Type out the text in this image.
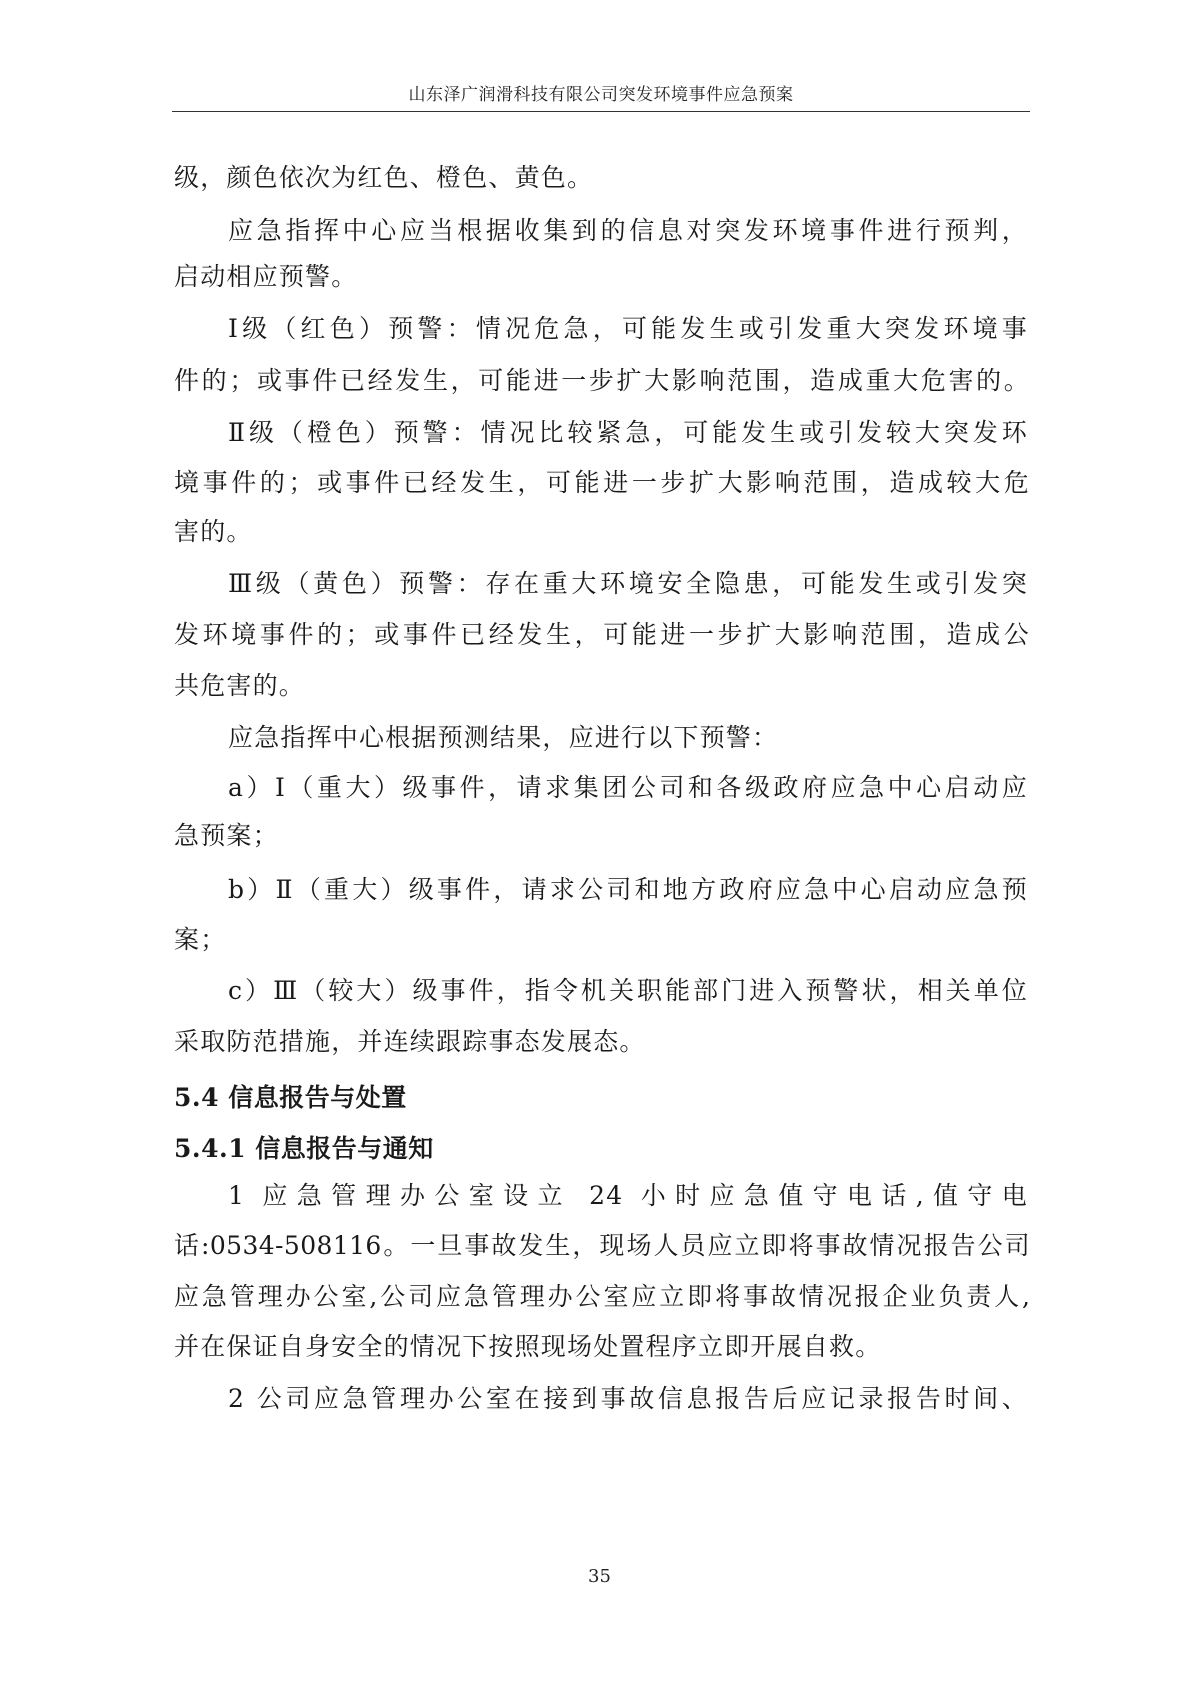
山东泽广润滑科技有限公司突发环境事件应急预案
级，颜色依次为红色、橙色、黄色。
应急指挥中心应当根据收集到的信息对突发环境事件进行预判，
启动相应预警。
Ⅰ级（红色）预警：情况危急，可能发生或引发重大突发环境事
件的；或事件已经发生，可能进一步扩大影响范围，造成重大危害的。
Ⅱ级（橙色）预警：情况比较紧急，可能发生或引发较大突发环
境事件的；或事件已经发生，可能进一步扩大影响范围，造成较大危
害的。
Ⅲ级（黄色）预警：存在重大环境安全隐患，可能发生或引发突
发环境事件的；或事件已经发生，可能进一步扩大影响范围，造成公
共危害的。
应急指挥中心根据预测结果，应进行以下预警：
a）Ⅰ（重大）级事件，请求集团公司和各级政府应急中心启动应
急预案；
b）Ⅱ（重大）级事件，请求公司和地方政府应急中心启动应急预
案；
c）Ⅲ（较大）级事件，指令机关职能部门进入预警状，相关单位
采取防范措施，并连续跟踪事态发展态。
5.4 信息报告与处置
5.4.1 信息报告与通知
1 应急管理办公室设立 24 小时应急值守电话,值守电
话:0534-508116。一旦事故发生，现场人员应立即将事故情况报告公司
应急管理办公室,公司应急管理办公室应立即将事故情况报企业负责人,
并在保证自身安全的情况下按照现场处置程序立即开展自救。
2 公司应急管理办公室在接到事故信息报告后应记录报告时间、
35
